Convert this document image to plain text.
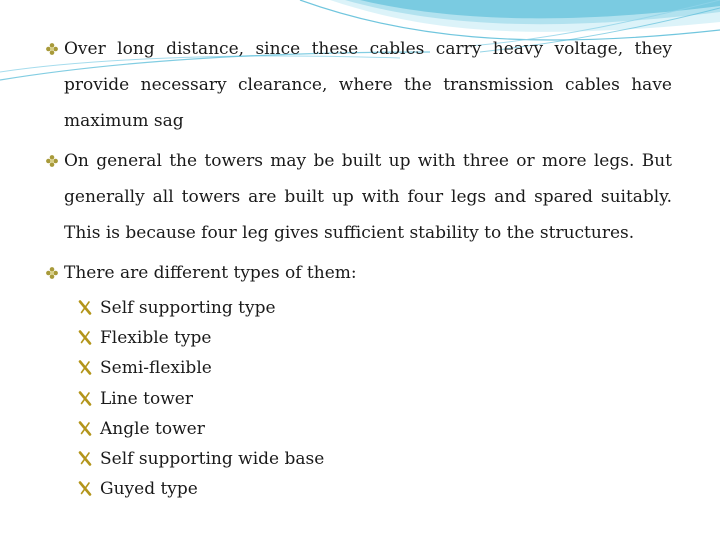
Over long distance, since these cables carry heavy voltage, they provide necessary clearance, where the transmission cables have maximum sag
On general the towers may be built up with three or more legs. But generally all towers are built up with four legs and spared suitably. This is because four leg gives sufficient stability to the structures.
There are different types of them:
Self supporting type
Flexible type
Semi-flexible
Line tower
Angle tower
Self supporting wide base
Guyed type
